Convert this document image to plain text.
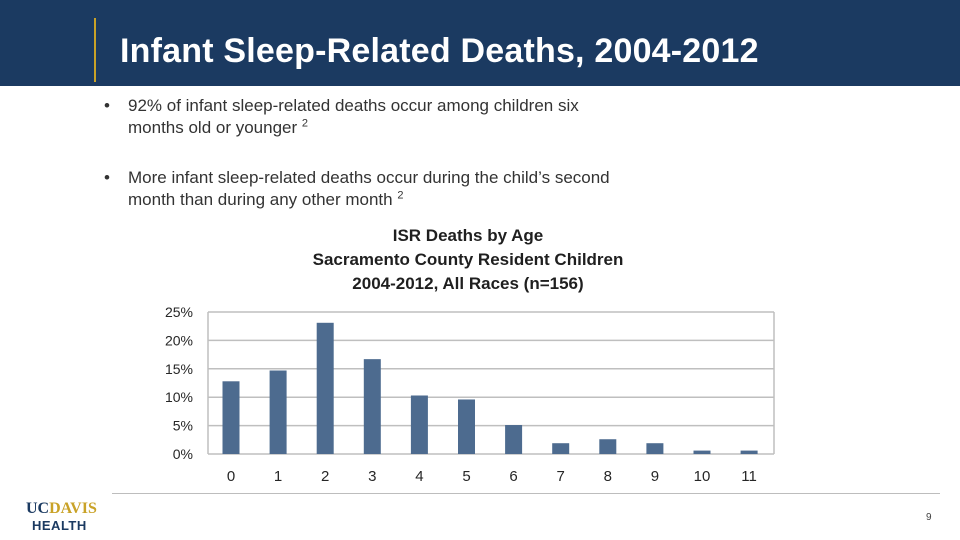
Infant Sleep-Related Deaths, 2004-2012
• 92% of infant sleep-related deaths occur among children six months old or younger $^2$
• More infant sleep-related deaths occur during the child’s second month than during any other month $^2$
ISR Deaths by Age
Sacramento County Resident Children
2004-2012, All Races (n=156)
0%
5%
10%
15%
20%
25%
0	1	2	3	4	5	6	7	8	9 10 11
UCDAVIS
HEALTH
9
